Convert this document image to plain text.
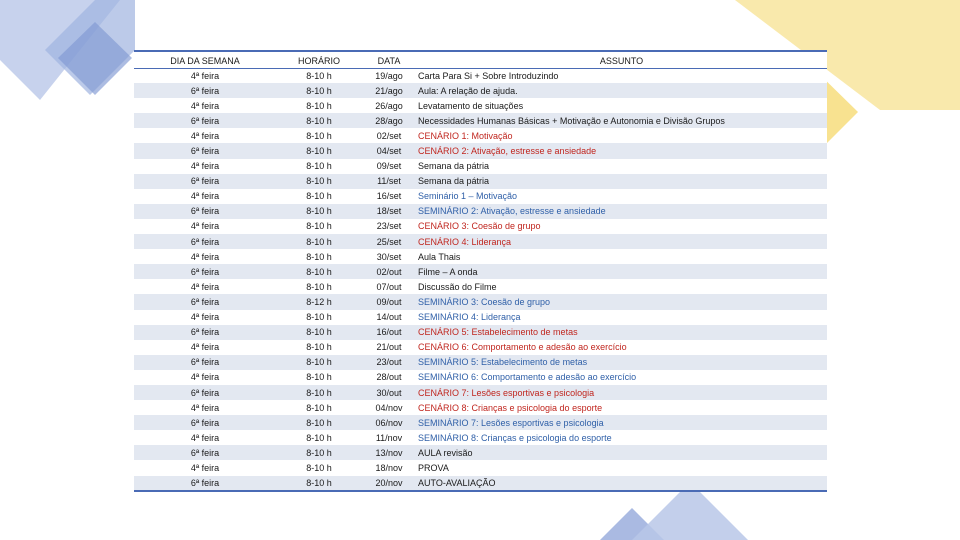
DIA DA SEMANA	HORÁRIO	DATA	ASSUNTO
4ª feira	8-10 h	19/ago	Carta Para Si + Sobre Introduzindo
6ª feira	8-10 h	21/ago	Aula: A relação de ajuda.
4ª feira	8-10 h	26/ago	Levatamento de situações
6ª feira	8-10 h	28/ago	Necessidades Humanas Básicas + Motivação e Autonomia e Divisão Grupos
4ª feira	8-10 h	02/set	CENÁRIO 1: Motivação
6ª feira	8-10 h	04/set	CENÁRIO 2: Ativação, estresse e ansiedade
4ª feira	8-10 h	09/set	Semana da pátria
6ª feira	8-10 h	11/set	Semana da pátria
4ª feira	8-10 h	16/set	Seminário 1 – Motivação
6ª feira	8-10 h	18/set	SEMINÁRIO 2: Ativação, estresse e ansiedade
4ª feira	8-10 h	23/set	CENÁRIO 3: Coesão de grupo
6ª feira	8-10 h	25/set	CENÁRIO 4: Liderança
4ª feira	8-10 h	30/set	Aula Thais
6ª feira	8-10 h	02/out	Filme – A onda
4ª feira	8-10 h	07/out	Discussão do Filme
6ª feira	8-12 h	09/out	SEMINÁRIO 3: Coesão de grupo
4ª feira	8-10 h	14/out	SEMINÁRIO 4: Liderança
6ª feira	8-10 h	16/out	CENÁRIO 5: Estabelecimento de metas
4ª feira	8-10 h	21/out	CENÁRIO 6: Comportamento e adesão ao exercício
6ª feira	8-10 h	23/out	SEMINÁRIO 5: Estabelecimento de metas
4ª feira	8-10 h	28/out	SEMINÁRIO 6: Comportamento e adesão ao exercício
6ª feira	8-10 h	30/out	CENÁRIO 7: Lesões esportivas e psicologia
4ª feira	8-10 h	04/nov	CENÁRIO 8: Crianças e psicologia do esporte
6ª feira	8-10 h	06/nov	SEMINÁRIO 7: Lesões esportivas e psicologia
4ª feira	8-10 h	11/nov	SEMINÁRIO 8: Crianças e psicologia do esporte
6ª feira	8-10 h	13/nov	AULA revisão
4ª feira	8-10 h	18/nov	PROVA
6ª feira	8-10 h	20/nov	AUTO-AVALIAÇÃO
